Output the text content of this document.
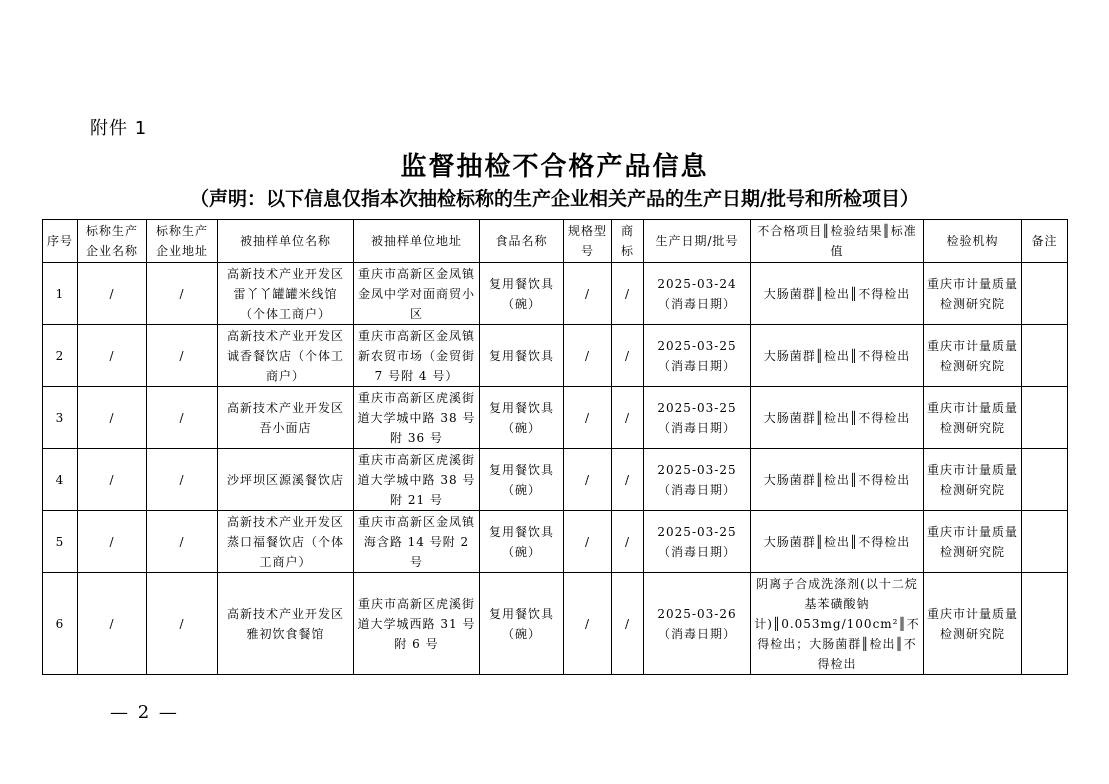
附件 1
监督抽检不合格产品信息
（声明：以下信息仅指本次抽检标称的生产企业相关产品的生产日期/批号和所检项目）
序号	标称生产企业名称	标称生产企业地址	被抽样单位名称	被抽样单位地址	食品名称	规格型号	商标	生产日期/批号	不合格项目║检验结果║标准值	检验机构	备注
1	/	/	高新技术产业开发区雷丫丫罐罐米线馆（个体工商户）	重庆市高新区金凤镇金凤中学对面商贸小区	复用餐饮具（碗）	/	/	2025-03-24（消毒日期）	大肠菌群║检出║不得检出	重庆市计量质量检测研究院	
2	/	/	高新技术产业开发区诚香餐饮店（个体工商户）	重庆市高新区金凤镇新农贸市场（金贸街 7 号附 4 号）	复用餐饮具	/	/	2025-03-25（消毒日期）	大肠菌群║检出║不得检出	重庆市计量质量检测研究院	
3	/	/	高新技术产业开发区吾小面店	重庆市高新区虎溪街道大学城中路 38 号附 36 号	复用餐饮具（碗）	/	/	2025-03-25（消毒日期）	大肠菌群║检出║不得检出	重庆市计量质量检测研究院	
4	/	/	沙坪坝区源溪餐饮店	重庆市高新区虎溪街道大学城中路 38 号附 21 号	复用餐饮具（碗）	/	/	2025-03-25（消毒日期）	大肠菌群║检出║不得检出	重庆市计量质量检测研究院	
5	/	/	高新技术产业开发区蒸口福餐饮店（个体工商户）	重庆市高新区金凤镇海含路 14 号附 2 号	复用餐饮具（碗）	/	/	2025-03-25（消毒日期）	大肠菌群║检出║不得检出	重庆市计量质量检测研究院	
6	/	/	高新技术产业开发区雅初饮食餐馆	重庆市高新区虎溪街道大学城西路 31 号附 6 号	复用餐饮具（碗）	/	/	2025-03-26（消毒日期）	阴离子合成洗涤剂(以十二烷基苯磺酸钠计)║0.053mg/100cm²║不得检出；大肠菌群║检出║不得检出	重庆市计量质量检测研究院	
— 2 —
